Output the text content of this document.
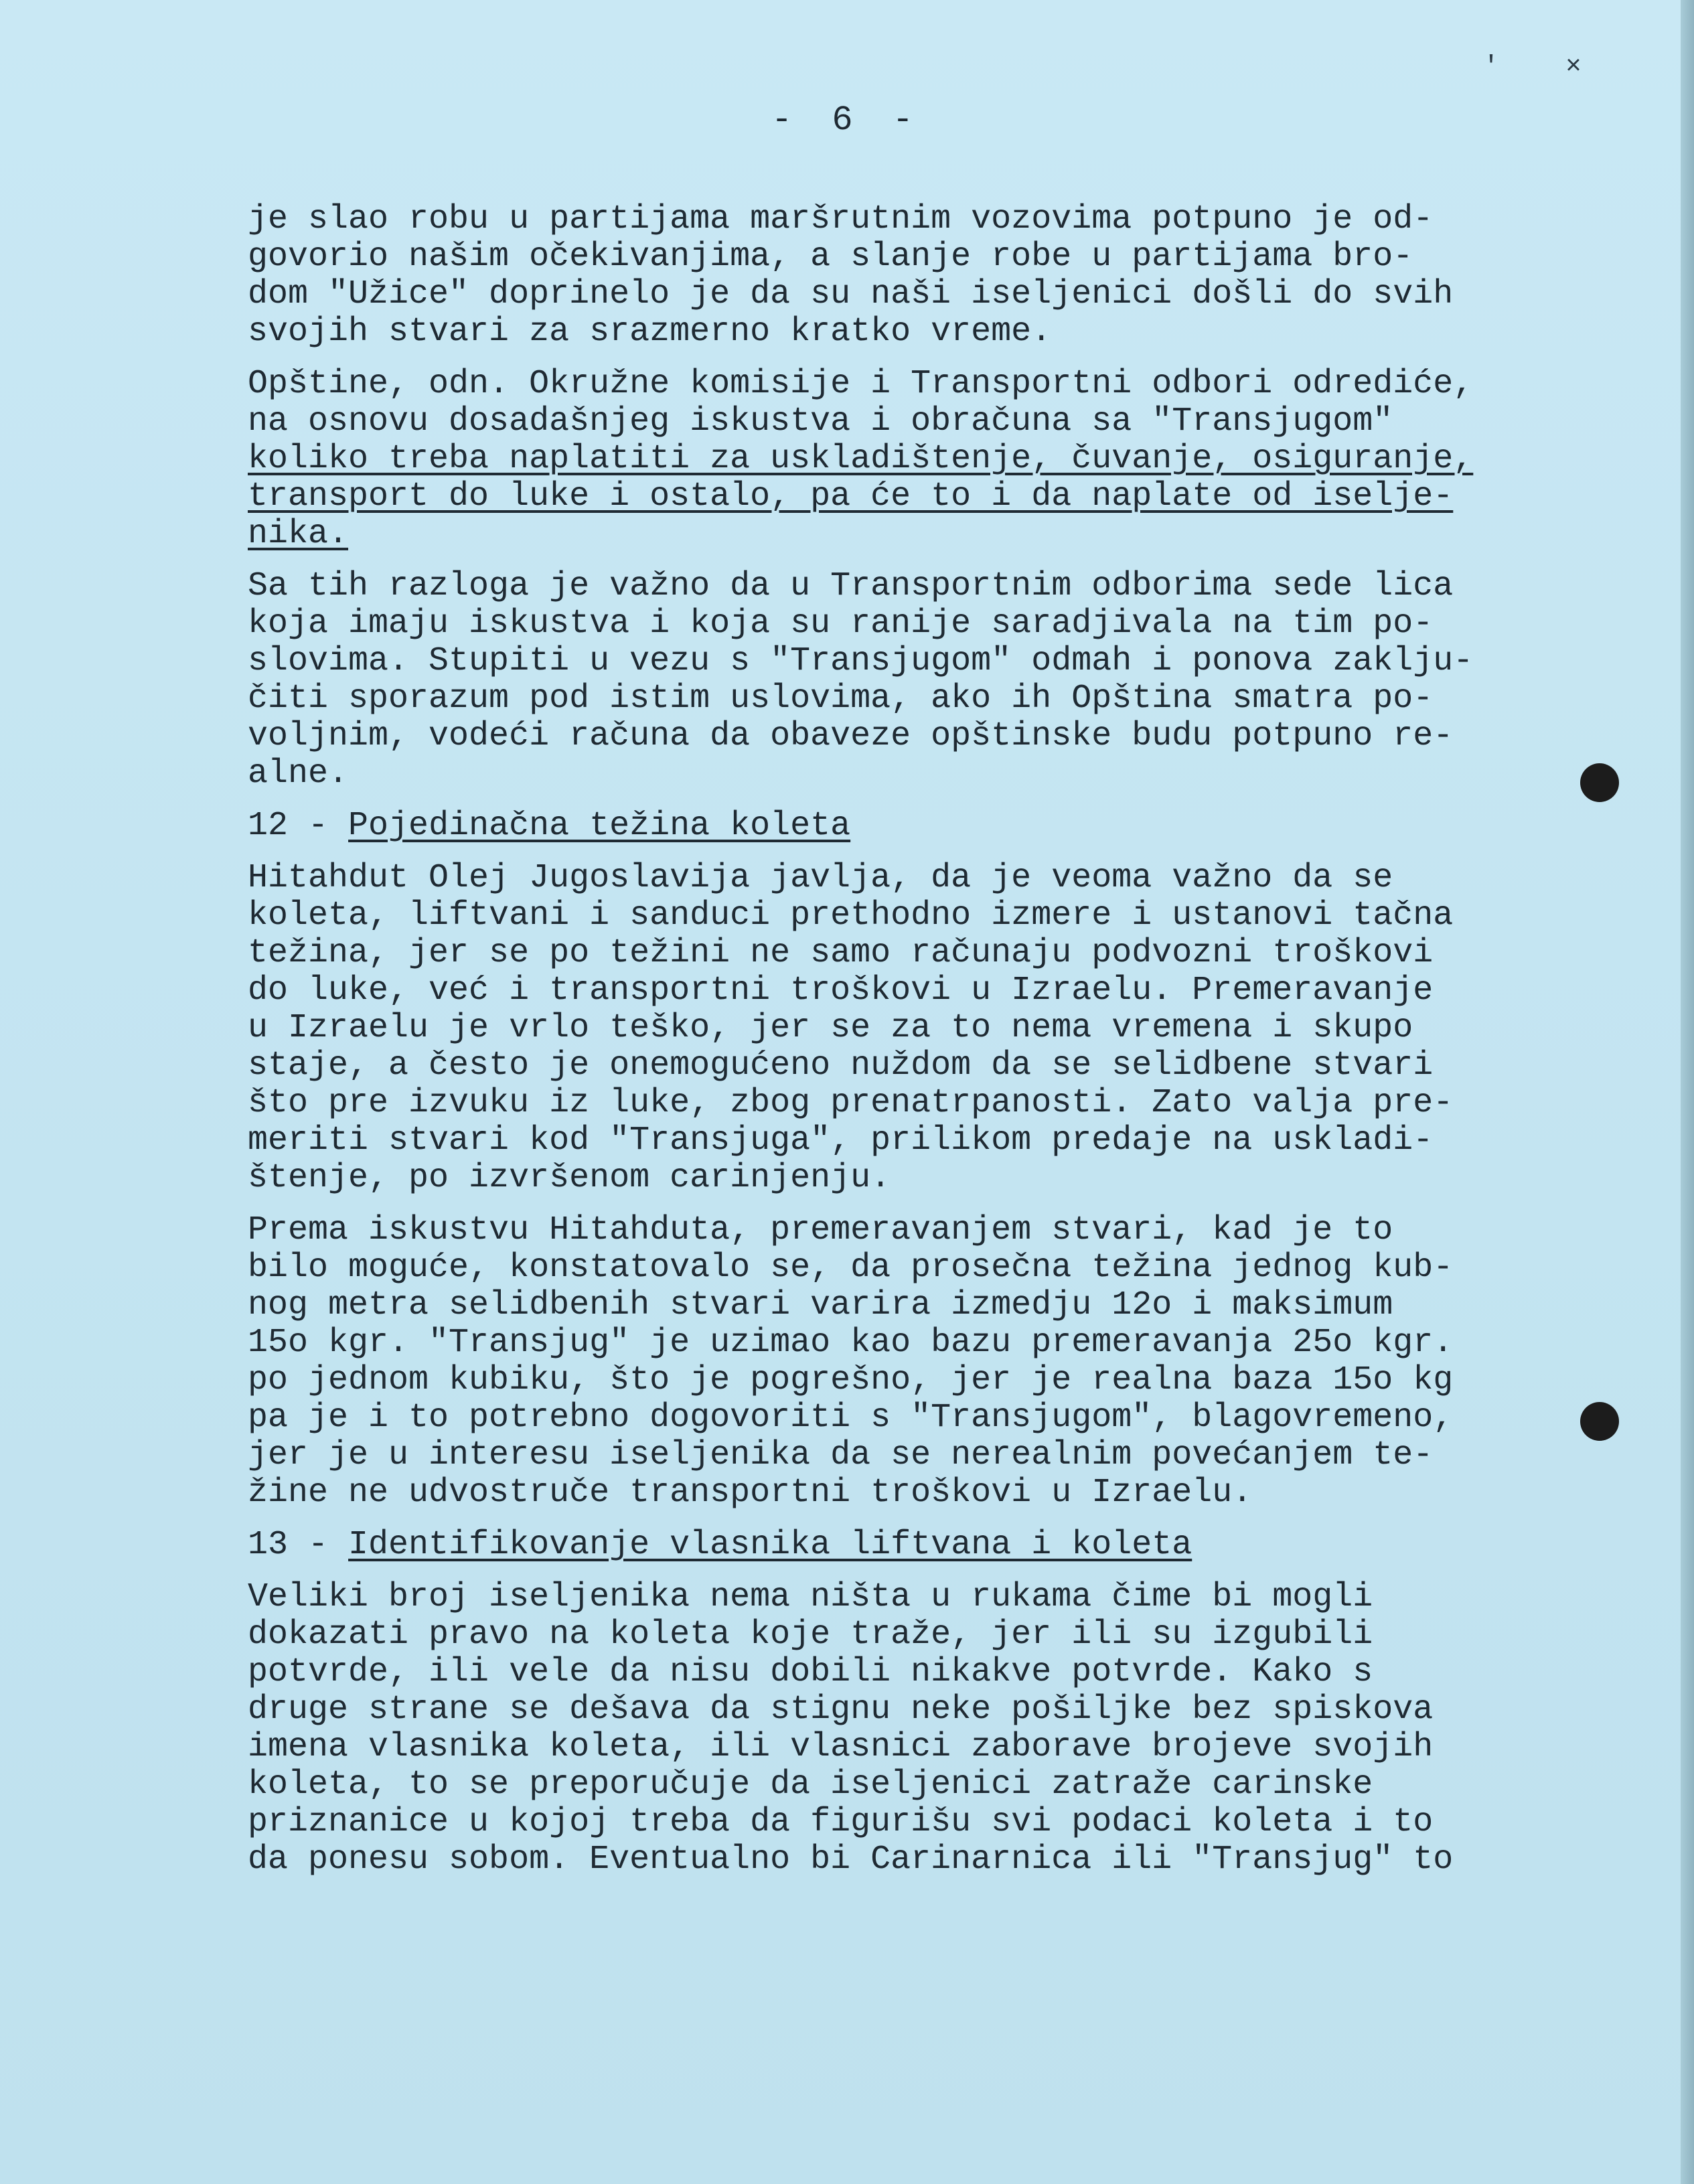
' ×
- 6 -
je slao robu u partijama maršrutnim vozovima potpuno je od-
govorio našim očekivanjima, a slanje robe u partijama bro-
dom "Užice" doprinelo je da su naši iseljenici došli do svih
svojih stvari za srazmerno kratko vreme.
Opštine, odn. Okružne komisije i Transportni odbori odrediće,
na osnovu dosadašnjeg iskustva i obračuna sa "Transjugom"
koliko treba naplatiti za uskladištenje, čuvanje, osiguranje,
transport do luke i ostalo, pa će to i da naplate od iselje-
nika.
Sa tih razloga je važno da u Transportnim odborima sede lica
koja imaju iskustva i koja su ranije saradjivala na tim po-
slovima. Stupiti u vezu s "Transjugom" odmah i ponova zaklju-
čiti sporazum pod istim uslovima, ako ih Opština smatra po-
voljnim, vodeći računa da obaveze opštinske budu potpuno re-
alne.
12 - Pojedinačna težina koleta
Hitahdut Olej Jugoslavija javlja, da je veoma važno da se
koleta, liftvani i sanduci prethodno izmere i ustanovi tačna
težina, jer se po težini ne samo računaju podvozni troškovi
do luke, već i transportni troškovi u Izraelu. Premeravanje
u Izraelu je vrlo teško, jer se za to nema vremena i skupo
staje, a često je onemogućeno nuždom da se selidbene stvari
što pre izvuku iz luke, zbog prenatrpanosti. Zato valja pre-
meriti stvari kod "Transjuga", prilikom predaje na uskladi-
štenje, po izvršenom carinjenju.
Prema iskustvu Hitahduta, premeravanjem stvari, kad je to
bilo moguće, konstatovalo se, da prosečna težina jednog kub-
nog metra selidbenih stvari varira izmedju 12o i maksimum
15o kgr. "Transjug" je uzimao kao bazu premeravanja 25o kgr.
po jednom kubiku, što je pogrešno, jer je realna baza 15o kg
pa je i to potrebno dogovoriti s "Transjugom", blagovremeno,
jer je u interesu iseljenika da se nerealnim povećanjem te-
žine ne udvostruče transportni troškovi u Izraelu.
13 - Identifikovanje vlasnika liftvana i koleta
Veliki broj iseljenika nema ništa u rukama čime bi mogli
dokazati pravo na koleta koje traže, jer ili su izgubili
potvrde, ili vele da nisu dobili nikakve potvrde. Kako s
druge strane se dešava da stignu neke pošiljke bez spiskova
imena vlasnika koleta, ili vlasnici zaborave brojeve svojih
koleta, to se preporučuje da iseljenici zatraže carinske
priznanice u kojoj treba da figurišu svi podaci koleta i to
da ponesu sobom. Eventualno bi Carinarnica ili "Transjug" to
